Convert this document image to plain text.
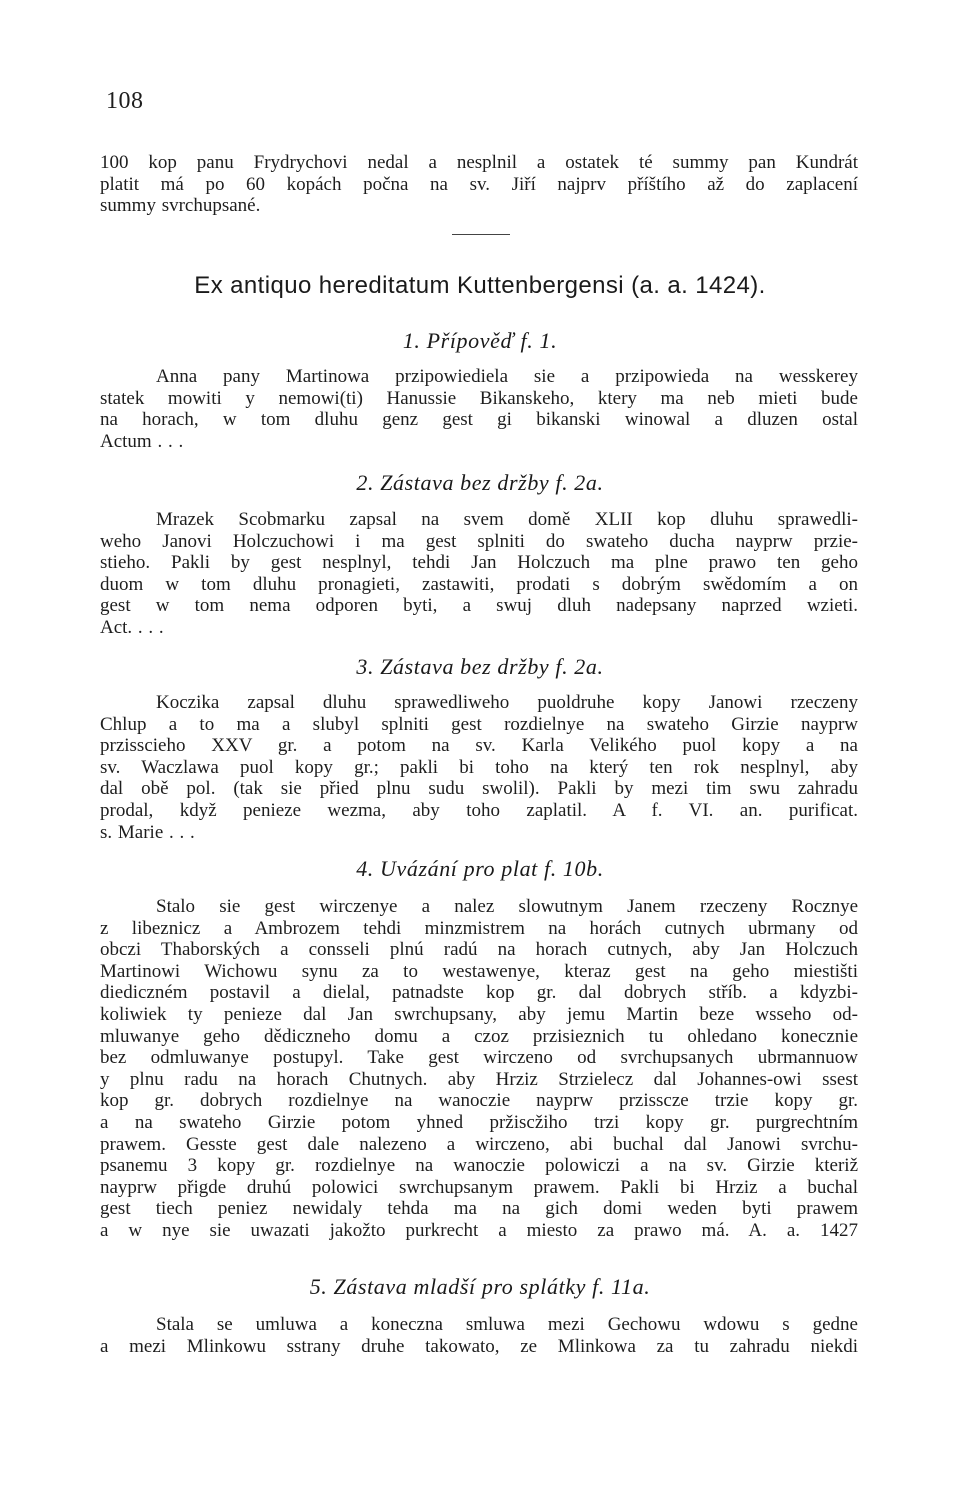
108

100 kop panu Frydrychovi nedal a nesplnil a ostatek té summy pan Kundrát
platit má po 60 kopách počna na sv. Jiří najprv příštího až do zaplacení
summy svrchupsané.

Ex antiquo hereditatum Kuttenbergensi (a. a. 1424).
1. Přípověď f. 1.

Anna pany Martinowa przipowiediela sie a przipowieda na wesskerey
statek mowiti y nemowi(ti) Hanussie Bikanskeho, ktery ma neb mieti bude
na horach, w tom dluhu genz gest gi bikanski winowal a dluzen ostal
Actum . . .

2. Zástava bez držby f. 2a.

Mrazek Scobmarku zapsal na svem domě XLII kop dluhu sprawedli-
weho Janovi Holczuchowi i ma gest splniti do swateho ducha nayprw przie-
stieho. Pakli by gest nesplnyl, tehdi Jan Holczuch ma plne prawo ten geho
duom w tom dluhu pronagieti, zastawiti, prodati s dobrým swědomím a on
gest w tom nema odporen byti, a swuj dluh nadepsany naprzed wzieti.
Act. . . .

3. Zástava bez držby f. 2a.

Koczika zapsal dluhu sprawedliweho puoldruhe kopy Janowi rzeczeny
Chlup a to ma a slubyl splniti gest rozdielnye na swateho Girzie nayprw
przisscieho XXV gr. a potom na sv. Karla Velikého puol kopy a na
sv. Waczlawa puol kopy gr.; pakli bi toho na který ten rok nesplnyl, aby
dal obě pol. (tak sie přied plnu sudu swolil). Pakli by mezi tim swu zahradu
prodal, když penieze wezma, aby toho zaplatil. A f. VI. an. purificat.
s. Marie . . .

4. Uvázání pro plat f. 10b.

Stalo sie gest wirczenye a nalez slowutnym Janem rzeczeny Rocznye
z libeznicz a Ambrozem tehdi minzmistrem na horách cutnych ubrmany od
obczi Thaborských a consseli plnú radú na horach cutnych, aby Jan Holczuch
Martinowi Wichowu synu za to westawenye, kteraz gest na geho miestišti
diediczném postavil a dielal, patnadste kop gr. dal dobrych stříb. a kdyzbi-
koliwiek ty penieze dal Jan swrchupsany, aby jemu Martin beze wsseho od-
mluwanye geho dědiczneho domu a czoz przisieznich tu ohledano konecznie
bez odmluwanye postupyl. Take gest wirczeno od svrchupsanych ubrmannuow
y plnu radu na horach Chutnych. aby Hrziz Strzielecz dal Johannes-owi ssest
kop gr. dobrych rozdielnye na wanoczie nayprw przisscze trzie kopy gr.
a na swateho Girzie potom yhned pržiscžiho trzi kopy gr. purgrechtním
prawem. Gesste gest dale nalezeno a wirczeno, abi buchal dal Janowi svrchu-
psanemu 3 kopy gr. rozdielnye na wanoczie polowiczi a na sv. Girzie kteriž
nayprw přigde druhú polowici swrchupsanym prawem. Pakli bi Hrziz a buchal
gest tiech peniez newidaly tehda ma na gich domi weden byti prawem
a w nye sie uwazati jakožto purkrecht a miesto za prawo má. A. a. 1427

5. Zástava mladší pro splátky f. 11a.

Stala se umluwa a koneczna smluwa mezi Gechowu wdowu s gedne
a mezi Mlinkowu sstrany druhe takowato, ze Mlinkowa za tu zahradu niekdi
